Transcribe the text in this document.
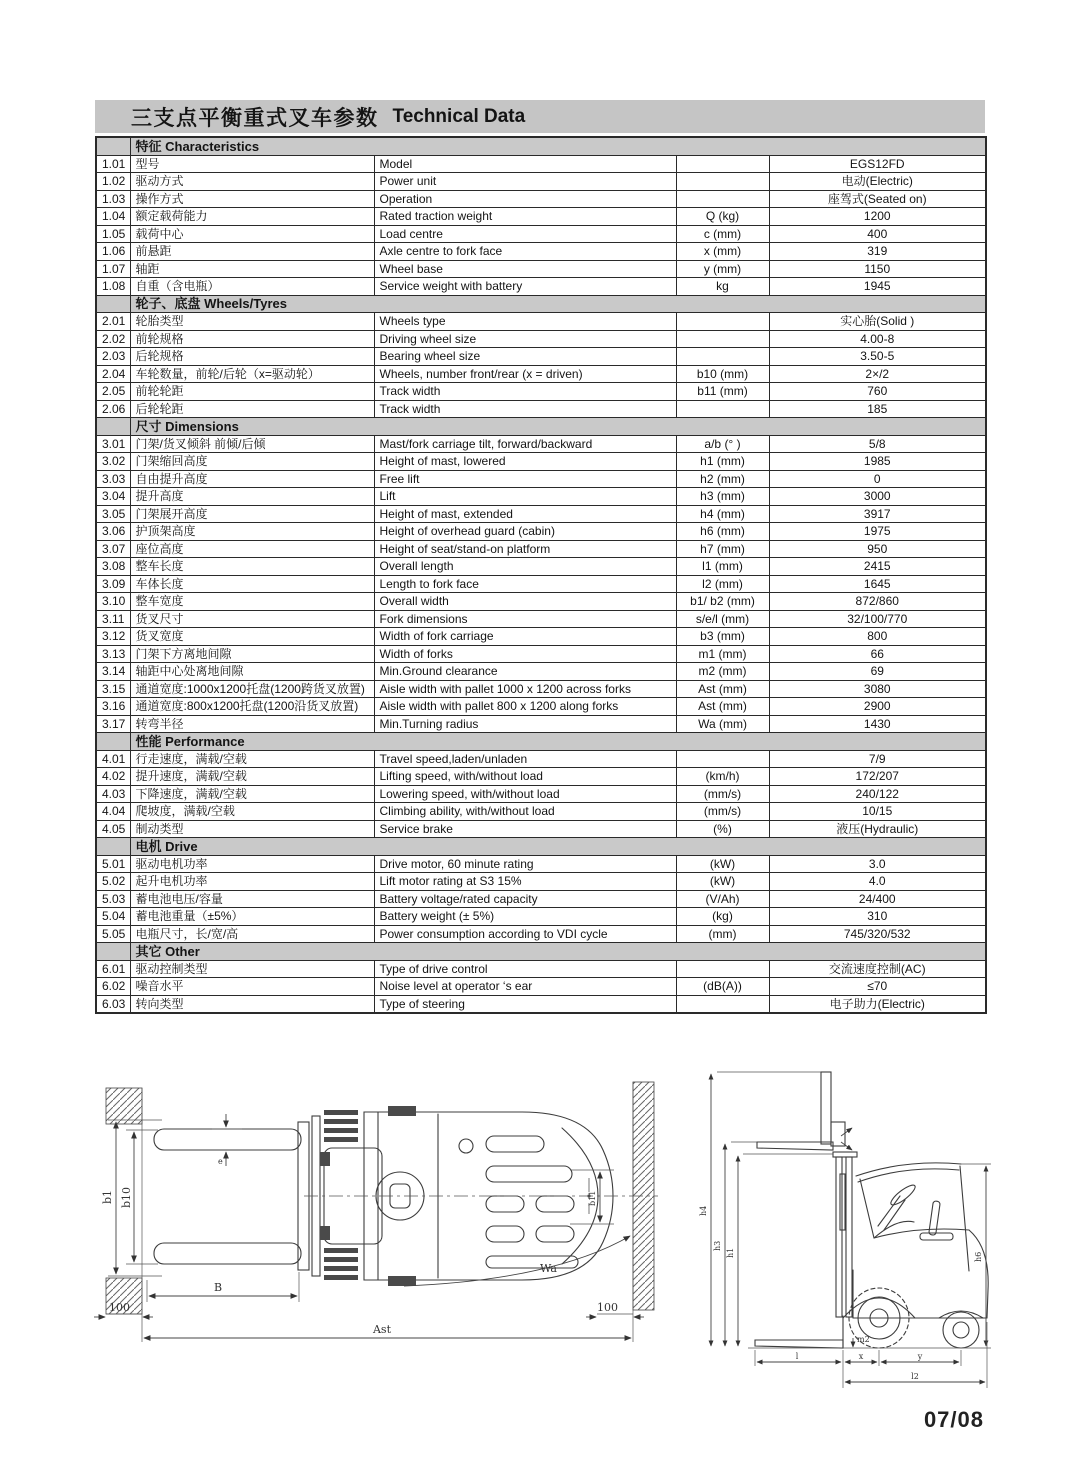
三支点平衡重式叉车参数 Technical Data
	特征 Characteristics			
1.01	型号	Model		EGS12FD
1.02	驱动方式	Power unit		电动(Electric)
1.03	操作方式	Operation		座驾式(Seated on)
1.04	额定载荷能力	Rated traction weight	Q (kg)	1200
1.05	载荷中心	Load centre	c (mm)	400
1.06	前悬距	Axle centre to fork face	x (mm)	319
1.07	轴距	Wheel base	y (mm)	1150
1.08	自重（含电瓶）	Service weight with battery	kg	1945
	轮子、底盘 Wheels/Tyres			
2.01	轮胎类型	Wheels type		实心胎(Solid )
2.02	前轮规格	Driving wheel size		4.00-8
2.03	后轮规格	Bearing wheel size		3.50-5
2.04	车轮数量，前轮/后轮（x=驱动轮）	Wheels, number front/rear (x = driven)	b10 (mm)	2×/2
2.05	前轮轮距	Track width	b11 (mm)	760
2.06	后轮轮距	Track width		185
	尺寸 Dimensions			
3.01	门架/货叉倾斜 前倾/后倾	Mast/fork carriage tilt, forward/backward	a/b (° )	5/8
3.02	门架缩回高度	Height of mast, lowered	h1 (mm)	1985
3.03	自由提升高度	Free lift	h2 (mm)	0
3.04	提升高度	Lift	h3 (mm)	3000
3.05	门架展开高度	Height of mast, extended	h4 (mm)	3917
3.06	护顶架高度	Height of overhead guard (cabin)	h6 (mm)	1975
3.07	座位高度	Height of seat/stand-on platform	h7 (mm)	950
3.08	整车长度	Overall length	l1 (mm)	2415
3.09	车体长度	Length to fork face	l2 (mm)	1645
3.10	整车宽度	Overall width	b1/ b2 (mm)	872/860
3.11	货叉尺寸	Fork dimensions	s/e/l (mm)	32/100/770
3.12	货叉宽度	Width of fork carriage	b3 (mm)	800
3.13	门架下方离地间隙	Width of forks	m1 (mm)	66
3.14	轴距中心处离地间隙	Min.Ground clearance	m2 (mm)	69
3.15	通道宽度:1000x1200托盘(1200跨货叉放置)	Aisle width with pallet 1000 x 1200 across forks	Ast (mm)	3080
3.16	通道宽度:800x1200托盘(1200沿货叉放置)	Aisle width with pallet 800 x 1200 along forks	Ast (mm)	2900
3.17	转弯半径	Min.Turning radius	Wa (mm)	1430
	性能 Performance			
4.01	行走速度，满载/空载	Travel speed,laden/unladen		7/9
4.02	提升速度，满载/空载	Lifting speed, with/without load	(km/h)	172/207
4.03	下降速度，满载/空载	Lowering speed, with/without load	(mm/s)	240/122
4.04	爬坡度，满载/空载	Climbing ability, with/without load	(mm/s)	10/15
4.05	制动类型	Service brake	(%)	液压(Hydraulic)
	电机 Drive			
5.01	驱动电机功率	Drive motor, 60 minute rating	(kW)	3.0
5.02	起升电机功率	Lift motor rating at S3 15%	(kW)	4.0
5.03	蓄电池电压/容量	Battery voltage/rated capacity	(V/Ah)	24/400
5.04	蓄电池重量（±5%）	Battery weight (± 5%)	(kg)	310
5.05	电瓶尺寸，长/宽/高	Power consumption according to VDI cycle	(mm)	745/320/532
	其它 Other			
6.01	驱动控制类型	Type of drive control		交流速度控制(AC)
6.02	噪音水平	Noise level at operator ‘s ear	(dB(A))	≤70
6.03	转向类型	Type of steering		电子助力(Electric)
b1 b10
e
B
100	100
Ast
Wa
b11
h4
h3
h1	h6
m2
l	x	y
l2
07/08
